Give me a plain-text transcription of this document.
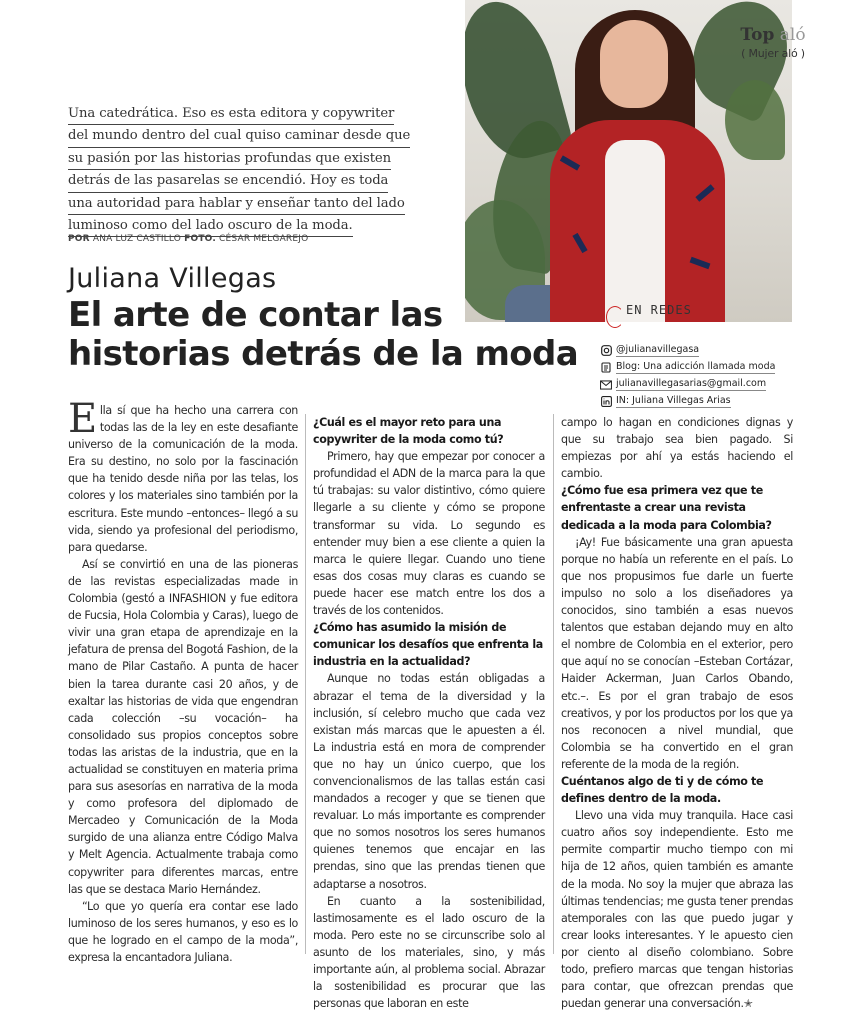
Top aló
( Mujer aló )
Una catedrática. Eso es esta editora y copywriter
del mundo dentro del cual quiso caminar desde que
su pasión por las historias profundas que existen
detrás de las pasarelas se encendió. Hoy es toda
una autoridad para hablar y enseñar tanto del lado
luminoso como del lado oscuro de la moda.
POR ANA LUZ CASTILLO FOTO. CÉSAR MELGAREJO
Juliana Villegas
El arte de contar las
historias detrás de la moda
EN REDES
@julianavillegasa
Blog: Una adicción llamada moda
julianavillegasarias@gmail.com
IN: Juliana Villegas Arias

Ella sí que ha hecho una carrera con todas las de la ley en este desafiante universo de la comunicación de la moda. Era su destino, no solo por la fascinación que ha tenido desde niña por las telas, los colores y los materiales sino también por la escritura. Este mundo –entonces– llegó a su vida, siendo ya profesional del periodismo, para quedarse.

Así se convirtió en una de las pioneras de las revistas especializadas made in Colombia (gestó a INFASHION y fue editora de Fucsia, Hola Colombia y Caras), luego de vivir una gran etapa de aprendizaje en la jefatura de prensa del Bogotá Fashion, de la mano de Pilar Castaño. A punta de hacer bien la tarea durante casi 20 años, y de exaltar las historias de vida que engendran cada colección –su vocación– ha consolidado sus propios conceptos sobre todas las aristas de la industria, que en la actualidad se constituyen en materia prima para sus asesorías en narrativa de la moda y como profesora del diplomado de Mercadeo y Comunicación de la Moda surgido de una alianza entre Código Malva y Melt Agencia. Actualmente trabaja como copywriter para diferentes marcas, entre las que se destaca Mario Hernández.

“Lo que yo quería era contar ese lado luminoso de los seres humanos, y eso es lo que he logrado en el campo de la moda”, expresa la encantadora Juliana.

¿Cuál es el mayor reto para una copywriter de la moda como tú?

Primero, hay que empezar por conocer a profundidad el ADN de la marca para la que tú trabajas: su valor distintivo, cómo quiere llegarle a su cliente y cómo se propone transformar su vida. Lo segundo es entender muy bien a ese cliente a quien la marca le quiere llegar. Cuando uno tiene esas dos cosas muy claras es cuando se puede hacer ese match entre los dos a través de los contenidos.

¿Cómo has asumido la misión de comunicar los desafíos que enfrenta la industria en la actualidad?

Aunque no todas están obligadas a abrazar el tema de la diversidad y la inclusión, sí celebro mucho que cada vez existan más marcas que le apuesten a él. La industria está en mora de comprender que no hay un único cuerpo, que los convencionalismos de las tallas están casi mandados a recoger y que se tienen que revaluar. Lo más importante es comprender que no somos nosotros los seres humanos quienes tenemos que encajar en las prendas, sino que las prendas tienen que adaptarse a nosotros.

En cuanto a la sostenibilidad, lastimosamente es el lado oscuro de la moda. Pero este no se circunscribe solo al asunto de los materiales, sino, y más importante aún, al problema social. Abrazar la sostenibilidad es procurar que las personas que laboran en este

campo lo hagan en condiciones dignas y que su trabajo sea bien pagado. Si empiezas por ahí ya estás haciendo el cambio.

¿Cómo fue esa primera vez que te enfrentaste a crear una revista dedicada a la moda para Colombia?

¡Ay! Fue básicamente una gran apuesta porque no había un referente en el país. Lo que nos propusimos fue darle un fuerte impulso no solo a los diseñadores ya conocidos, sino también a esas nuevos talentos que estaban dejando muy en alto el nombre de Colombia en el exterior, pero que aquí no se conocían –Esteban Cortázar, Haider Ackerman, Juan Carlos Obando, etc.–. Es por el gran trabajo de esos creativos, y por los productos por los que ya nos reconocen a nivel mundial, que Colombia se ha convertido en el gran referente de la moda de la región.

Cuéntanos algo de ti y de cómo te defines dentro de la moda.

Llevo una vida muy tranquila. Hace casi cuatro años soy independiente. Esto me permite compartir mucho tiempo con mi hija de 12 años, quien también es amante de la moda. No soy la mujer que abraza las últimas tendencias; me gusta tener prendas atemporales con las que puedo jugar y crear looks interesantes. Y le apuesto cien por ciento al diseño colombiano. Sobre todo, prefiero marcas que tengan historias para contar, que ofrezcan prendas que puedan generar una conversación.✭
